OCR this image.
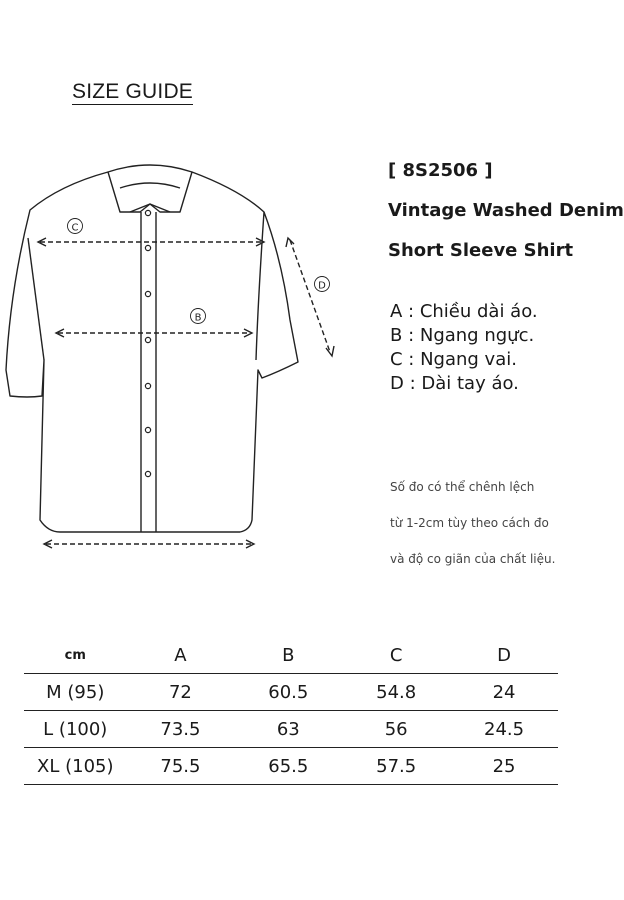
SIZE GUIDE
[ 8S2506 ]
Vintage Washed Denim
Short Sleeve Shirt
C
B
D
A : Chiều dài áo.
B : Ngang ngực.
C : Ngang vai.
D : Dài tay áo.
Số đo có thể chênh lệch
từ 1-2cm tùy theo cách đo
và độ co giãn của chất liệu.
cm	A	B	C	D
M (95)	72	60.5	54.8	24
L (100)	73.5	63	56	24.5
XL (105)	75.5	65.5	57.5	25
